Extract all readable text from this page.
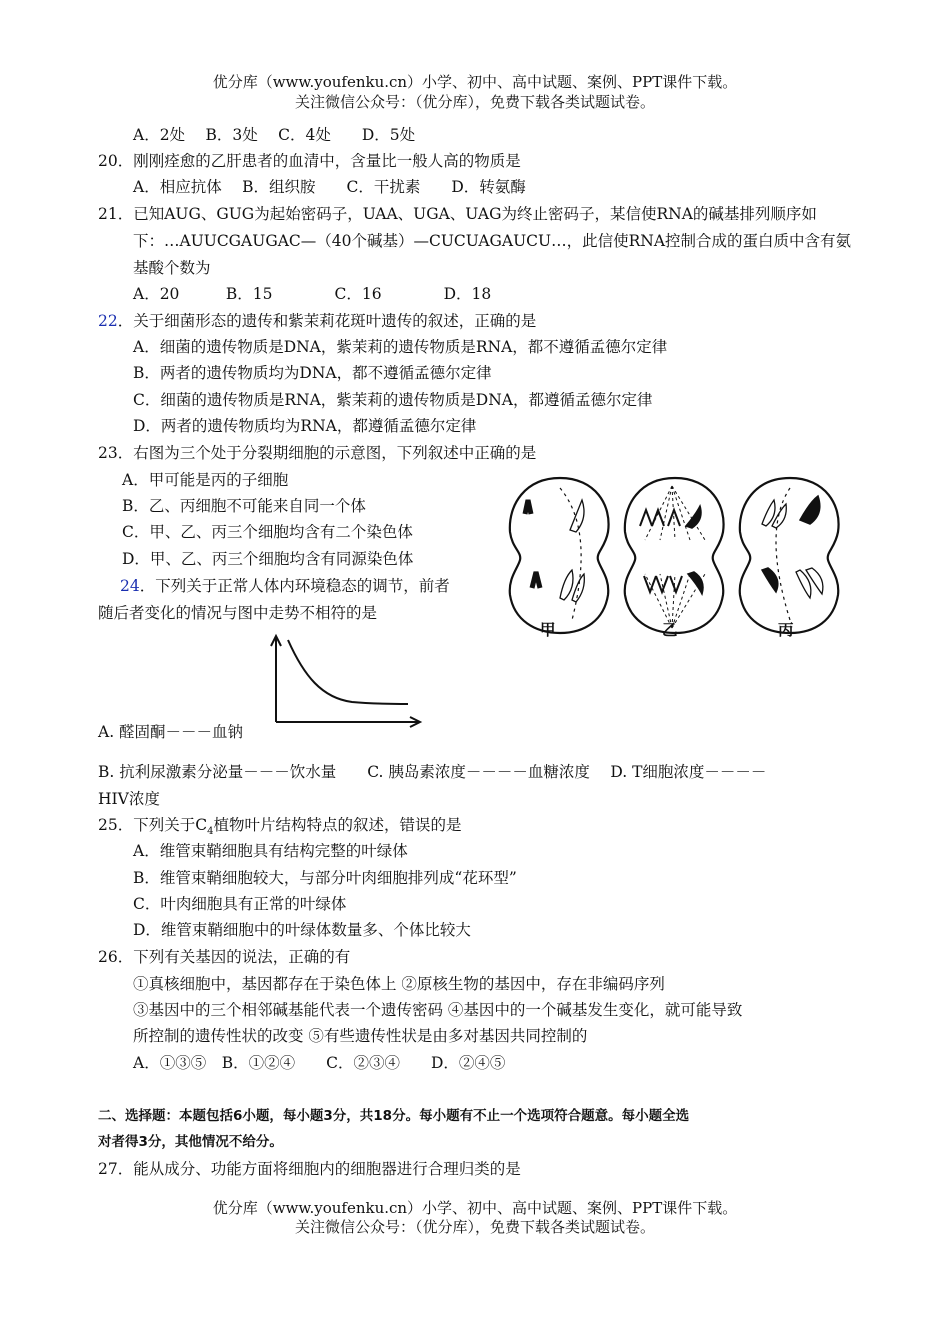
优分库（www.youfenku.cn）小学、初中、高中试题、案例、PPT课件下载。
关注微信公众号：（优分库），免费下载各类试题试卷。
A．2处　 B．3处　 C．4处　　D．5处
20．刚刚痊愈的乙肝患者的血清中，含量比一般人高的物质是
A．相应抗体　 B．组织胺　　C．干扰素　　D．转氨酶
21．已知AUG、GUG为起始密码子，UAA、UGA、UAG为终止密码子，某信使RNA的碱基排列顺序如
下：…AUUCGAUGAC—（40个碱基）—CUCUAGAUCU…，此信使RNA控制合成的蛋白质中含有氨
基酸个数为
A．20　　　B．15　　　　C．16　　　　D．18
22．关于细菌形态的遗传和紫茉莉花斑叶遗传的叙述，正确的是
A．细菌的遗传物质是DNA，紫茉莉的遗传物质是RNA，都不遵循孟德尔定律
B．两者的遗传物质均为DNA，都不遵循孟德尔定律
C．细菌的遗传物质是RNA，紫茉莉的遗传物质是DNA，都遵循孟德尔定律
D．两者的遗传物质均为RNA，都遵循孟德尔定律
23．右图为三个处于分裂期细胞的示意图，下列叙述中正确的是
A．甲可能是丙的子细胞
B．乙、丙细胞不可能来自同一个体
C．甲、乙、丙三个细胞均含有二个染色体
D．甲、乙、丙三个细胞均含有同源染色体
甲	乙	丙
24．下列关于正常人体内环境稳态的调节，前者
随后者变化的情况与图中走势不相符的是
A. 醛固酮－－－血钠
B. 抗利尿激素分泌量－－－饮水量　　C. 胰岛素浓度－－－－血糖浓度　 D. T细胞浓度－－－－
HIV浓度
25．下列关于$C_4$植物叶片结构特点的叙述，错误的是
A．维管束鞘细胞具有结构完整的叶绿体
B．维管束鞘细胞较大，与部分叶肉细胞排列成“花环型”
C．叶肉细胞具有正常的叶绿体
D．维管束鞘细胞中的叶绿体数量多、个体比较大
26．下列有关基因的说法，正确的有
①真核细胞中，基因都存在于染色体上 ②原核生物的基因中，存在非编码序列
③基因中的三个相邻碱基能代表一个遗传密码 ④基因中的一个碱基发生变化，就可能导致
所控制的遗传性状的改变 ⑤有些遗传性状是由多对基因共同控制的
A．①③⑤　B．①②④　　C．②③④　　D．②④⑤
二、选择题：本题包括6小题，每小题3分，共18分。每小题有不止一个选项符合题意。每小题全选
对者得3分，其他情况不给分。
27．能从成分、功能方面将细胞内的细胞器进行合理归类的是
优分库（www.youfenku.cn）小学、初中、高中试题、案例、PPT课件下载。
关注微信公众号：（优分库），免费下载各类试题试卷。
